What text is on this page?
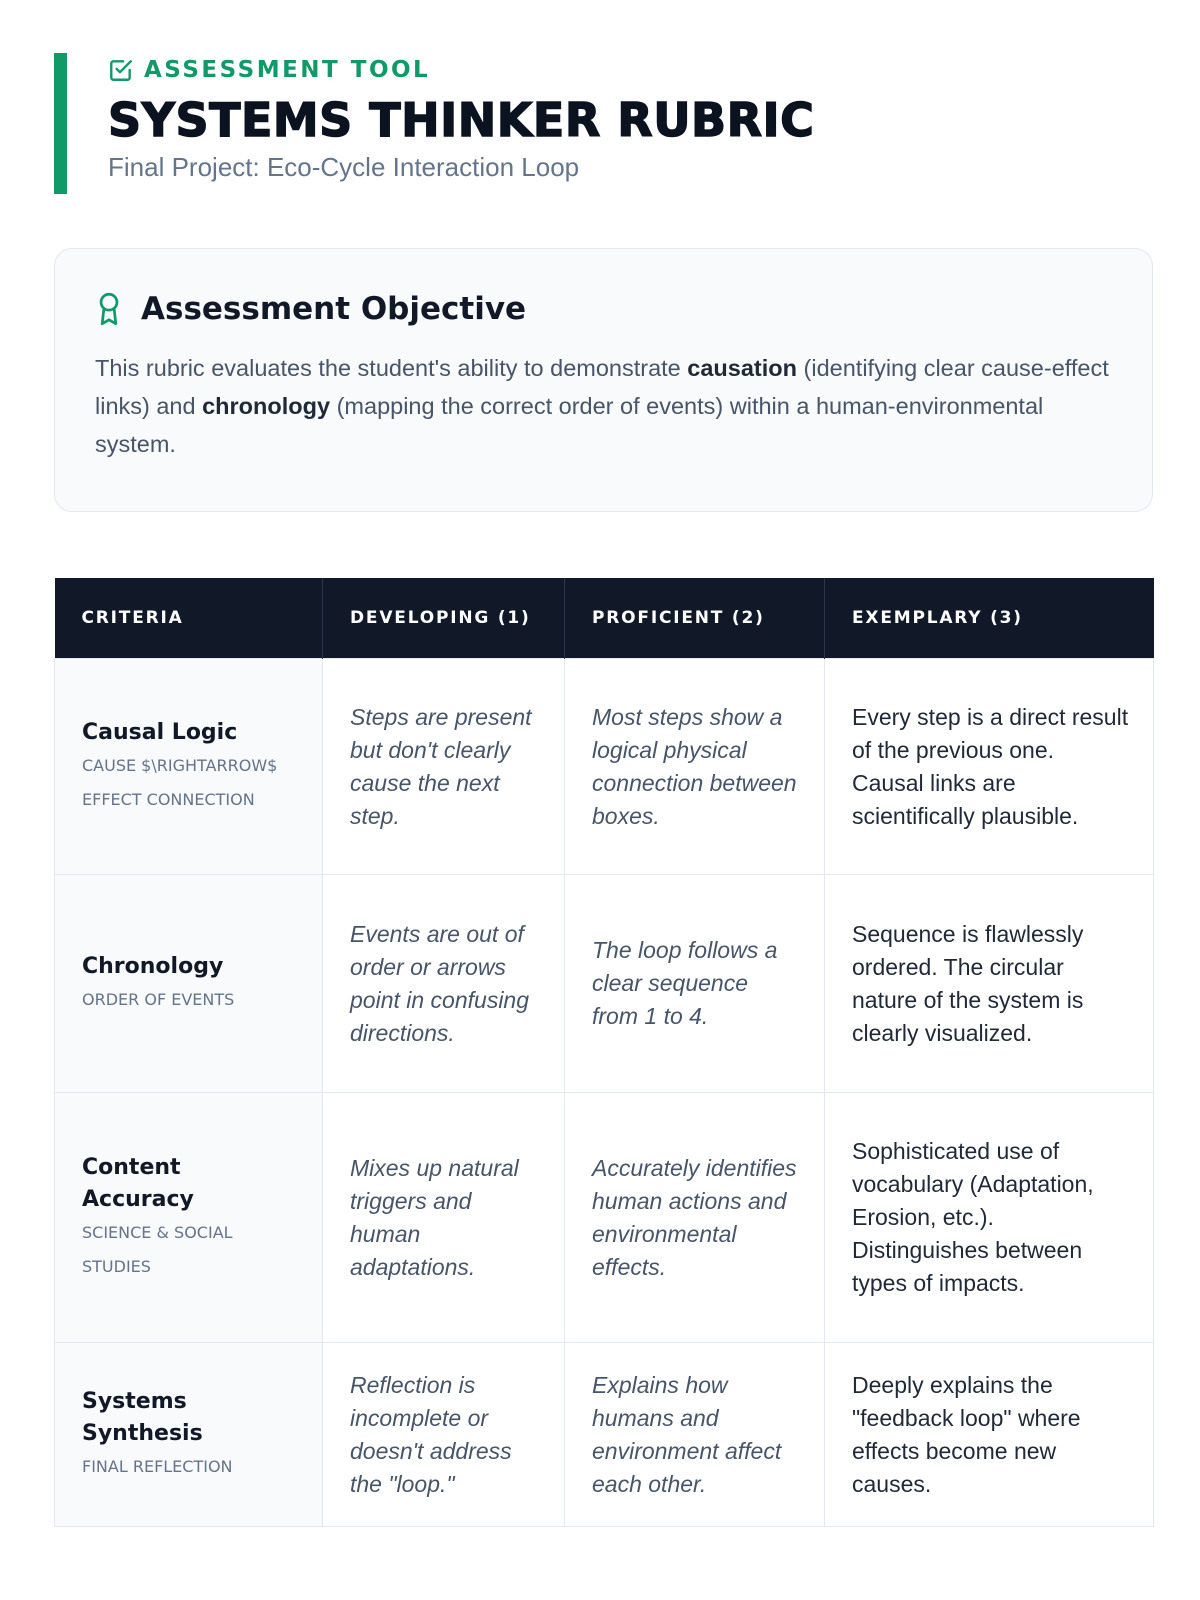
ASSESSMENT TOOL
SYSTEMS THINKER RUBRIC
Final Project: Eco-Cycle Interaction Loop
Assessment Objective
This rubric evaluates the student's ability to demonstrate causation (identifying clear cause-effect links) and chronology (mapping the correct order of events) within a human-environmental system.
CRITERIA	DEVELOPING (1)	PROFICIENT (2)	EXEMPLARY (3)

Causal Logic
CAUSE $\RIGHTARROW$ EFFECT CONNECTION	Steps are present but don't clearly cause the next step.	Most steps show a logical physical connection between boxes.	Every step is a direct result of the previous one. Causal links are scientifically plausible.

Chronology
ORDER OF EVENTS	Events are out of order or arrows point in confusing directions.	The loop follows a clear sequence from 1 to 4.	Sequence is flawlessly ordered. The circular nature of the system is clearly visualized.

Content Accuracy
SCIENCE & SOCIAL STUDIES	Mixes up natural triggers and human adaptations.	Accurately identifies human actions and environmental effects.	Sophisticated use of vocabulary (Adaptation, Erosion, etc.). Distinguishes between types of impacts.

Systems Synthesis
FINAL REFLECTION	Reflection is incomplete or doesn't address the "loop."	Explains how humans and environment affect each other.	Deeply explains the "feedback loop" where effects become new causes.
